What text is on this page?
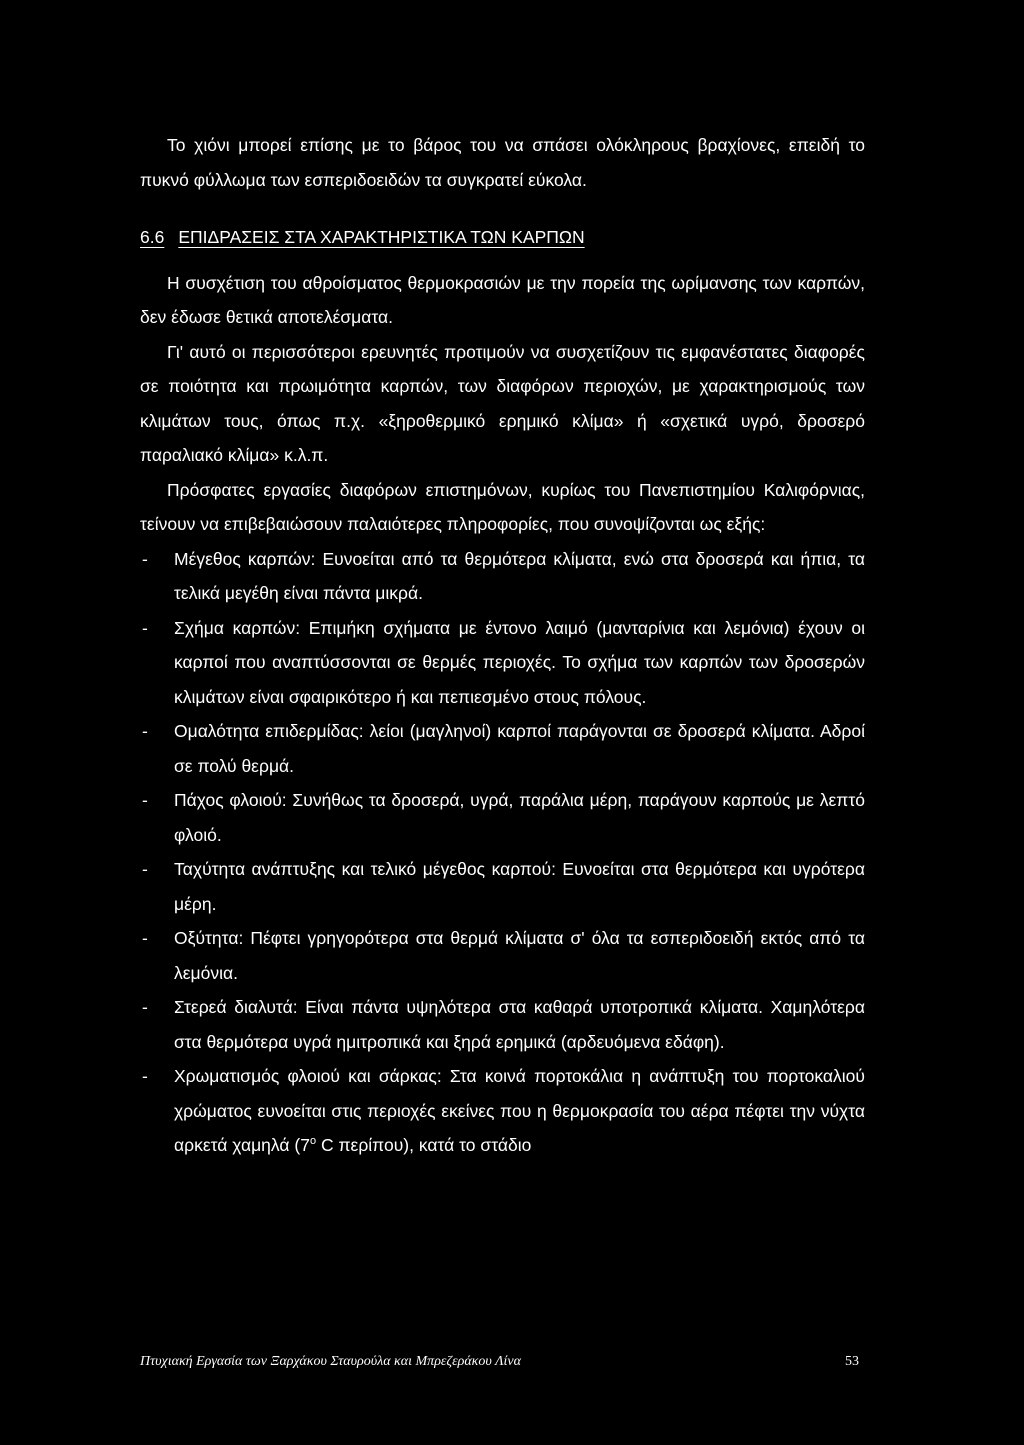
Το χιόνι μπορεί επίσης με το βάρος του να σπάσει ολόκληρους βραχίονες, επειδή το πυκνό φύλλωμα των εσπεριδοειδών τα συγκρατεί εύκολα.

6.6 ΕΠΙΔΡΑΣΕΙΣ ΣΤΑ ΧΑΡΑΚΤΗΡΙΣΤΙΚΑ ΤΩΝ ΚΑΡΠΩΝ

Η συσχέτιση του αθροίσματος θερμοκρασιών με την πορεία της ωρίμανσης των καρπών, δεν έδωσε θετικά αποτελέσματα.

Γι' αυτό οι περισσότεροι ερευνητές προτιμούν να συσχετίζουν τις εμφανέστατες διαφορές σε ποιότητα και πρωιμότητα καρπών, των διαφόρων περιοχών, με χαρακτηρισμούς των κλιμάτων τους, όπως π.χ. «ξηροθερμικό ερημικό κλίμα» ή «σχετικά υγρό, δροσερό παραλιακό κλίμα» κ.λ.π.

Πρόσφατες εργασίες διαφόρων επιστημόνων, κυρίως του Πανεπιστημίου Καλιφόρνιας, τείνουν να επιβεβαιώσουν παλαιότερες πληροφορίες, που συνοψίζονται ως εξής:

- Μέγεθος καρπών: Ευνοείται από τα θερμότερα κλίματα, ενώ στα δροσερά και ήπια, τα τελικά μεγέθη είναι πάντα μικρά.
- Σχήμα καρπών: Επιμήκη σχήματα με έντονο λαιμό (μανταρίνια και λεμόνια) έχουν οι καρποί που αναπτύσσονται σε θερμές περιοχές. Το σχήμα των καρπών των δροσερών κλιμάτων είναι σφαιρικότερο ή και πεπιεσμένο στους πόλους.
- Ομαλότητα επιδερμίδας: λείοι (μαγληνοί) καρποί παράγονται σε δροσερά κλίματα. Αδροί σε πολύ θερμά.
- Πάχος φλοιού: Συνήθως τα δροσερά, υγρά, παράλια μέρη, παράγουν καρπούς με λεπτό φλοιό.
- Ταχύτητα ανάπτυξης και τελικό μέγεθος καρπού: Ευνοείται στα θερμότερα και υγρότερα μέρη.
- Οξύτητα: Πέφτει γρηγορότερα στα θερμά κλίματα σ' όλα τα εσπεριδοειδή εκτός από τα λεμόνια.
- Στερεά διαλυτά: Είναι πάντα υψηλότερα στα καθαρά υποτροπικά κλίματα. Χαμηλότερα στα θερμότερα υγρά ημιτροπικά και ξηρά ερημικά (αρδευόμενα εδάφη).
- Χρωματισμός φλοιού και σάρκας: Στα κοινά πορτοκάλια η ανάπτυξη του πορτοκαλιού χρώματος ευνοείται στις περιοχές εκείνες που η θερμοκρασία του αέρα πέφτει την νύχτα αρκετά χαμηλά (7$^o$ C περίπου), κατά το στάδιο
Πτυχιακή Εργασία των Ξαρχάκου Σταυρούλα και Μπρεζεράκου Λίνα	53
